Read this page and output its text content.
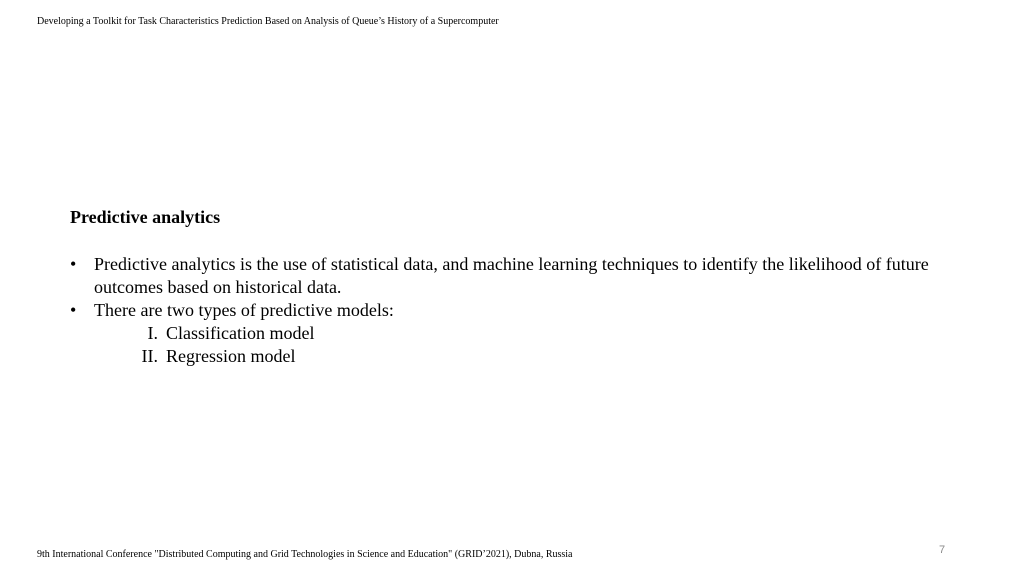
Developing a Toolkit for Task Characteristics Prediction Based on Analysis of Queue’s History of a Supercomputer
Predictive analytics
• Predictive analytics is the use of statistical data, and machine learning techniques to identify the likelihood of future outcomes based on historical data.
• There are two types of predictive models:
I. Classification model
II. Regression model
9th International Conference "Distributed Computing and Grid Technologies in Science and Education" (GRID’2021), Dubna, Russia	7
